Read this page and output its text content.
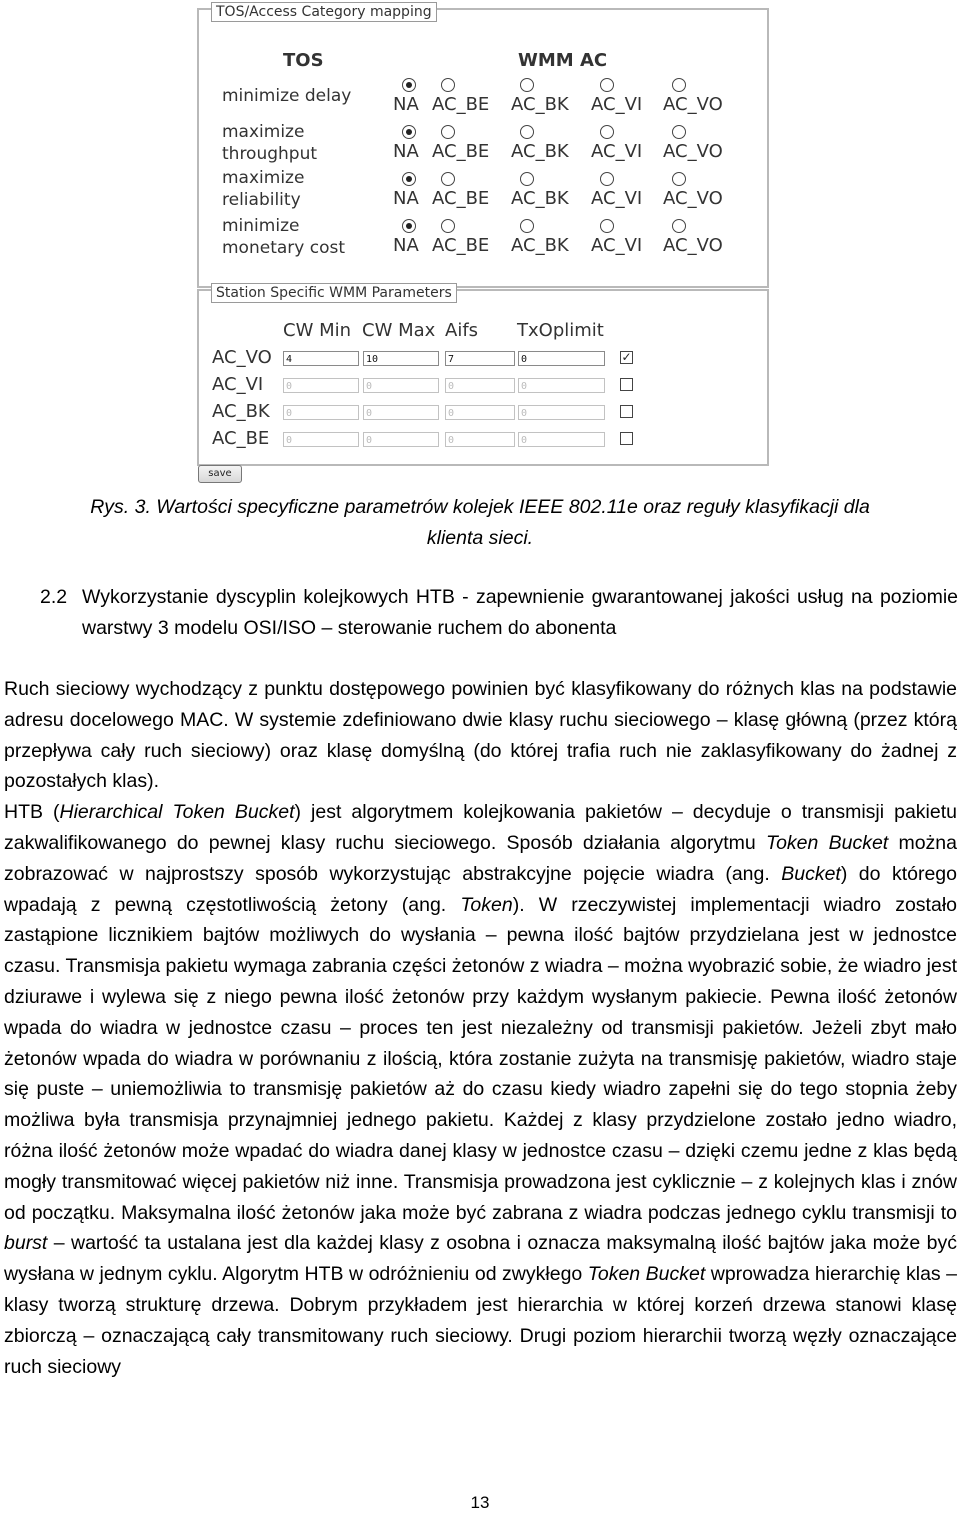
TOS/Access Category mapping
TOS	WMM AC
minimize delay NA AC_BE	AC_BK	AC_VI	AC_VO
maximize
throughput	NA AC_BE	AC_BK	AC_VI	AC_VO
maximize
reliability	NA AC_BE	AC_BK	AC_VI	AC_VO
minimize
monetary cost	NA AC_BE	AC_BK	AC_VI	AC_VO
Station Specific WMM Parameters
CW Min CW Max Aifs TxOplimit
AC_VO	4	10	7	0	✓
AC_VI	0	0	0	0
AC_BK	0	0	0	0
AC_BE	0	0	0	0
save
Rys. 3. Wartości specyficzne parametrów kolejek IEEE 802.11e oraz reguły klasyfikacji dla
klienta sieci.
2.2 Wykorzystanie dyscyplin kolejkowych HTB - zapewnienie gwarantowanej jakości usług na poziomie warstwy 3 modelu OSI/ISO – sterowanie ruchem do abonenta

Ruch sieciowy wychodzący z punktu dostępowego powinien być klasyfikowany do różnych klas na podstawie adresu docelowego MAC. W systemie zdefiniowano dwie klasy ruchu sieciowego – klasę główną (przez którą przepływa cały ruch sieciowy) oraz klasę domyślną (do której trafia ruch nie zaklasyfikowany do żadnej z pozostałych klas).

HTB (Hierarchical Token Bucket) jest algorytmem kolejkowania pakietów – decyduje o transmisji pakietu zakwalifikowanego do pewnej klasy ruchu sieciowego. Sposób działania algorytmu Token Bucket można zobrazować w najprostszy sposób wykorzystując abstrakcyjne pojęcie wiadra (ang. Bucket) do którego wpadają z pewną częstotliwością żetony (ang. Token). W rzeczywistej implementacji wiadro zostało zastąpione licznikiem bajtów możliwych do wysłania – pewna ilość bajtów przydzielana jest w jednostce czasu. Transmisja pakietu wymaga zabrania części żetonów z wiadra – można wyobrazić sobie, że wiadro jest dziurawe i wylewa się z niego pewna ilość żetonów przy każdym wysłanym pakiecie. Pewna ilość żetonów wpada do wiadra w jednostce czasu – proces ten jest niezależny od transmisji pakietów. Jeżeli zbyt mało żetonów wpada do wiadra w porównaniu z ilością, która zostanie zużyta na transmisję pakietów, wiadro staje się puste – uniemożliwia to transmisję pakietów aż do czasu kiedy wiadro zapełni się do tego stopnia żeby możliwa była transmisja przynajmniej jednego pakietu. Każdej z klasy przydzielone zostało jedno wiadro, różna ilość żetonów może wpadać do wiadra danej klasy w jednostce czasu – dzięki czemu jedne z klas będą mogły transmitować więcej pakietów niż inne. Transmisja prowadzona jest cyklicznie – z kolejnych klas i znów od początku. Maksymalna ilość żetonów jaka może być zabrana z wiadra podczas jednego cyklu transmisji to burst – wartość ta ustalana jest dla każdej klasy z osobna i oznacza maksymalną ilość bajtów jaka może być wysłana w jednym cyklu. Algorytm HTB w odróżnieniu od zwykłego Token Bucket wprowadza hierarchię klas – klasy tworzą strukturę drzewa. Dobrym przykładem jest hierarchia w której korzeń drzewa stanowi klasę zbiorczą – oznaczającą cały transmitowany ruch sieciowy. Drugi poziom hierarchii tworzą węzły oznaczające ruch sieciowy

13
